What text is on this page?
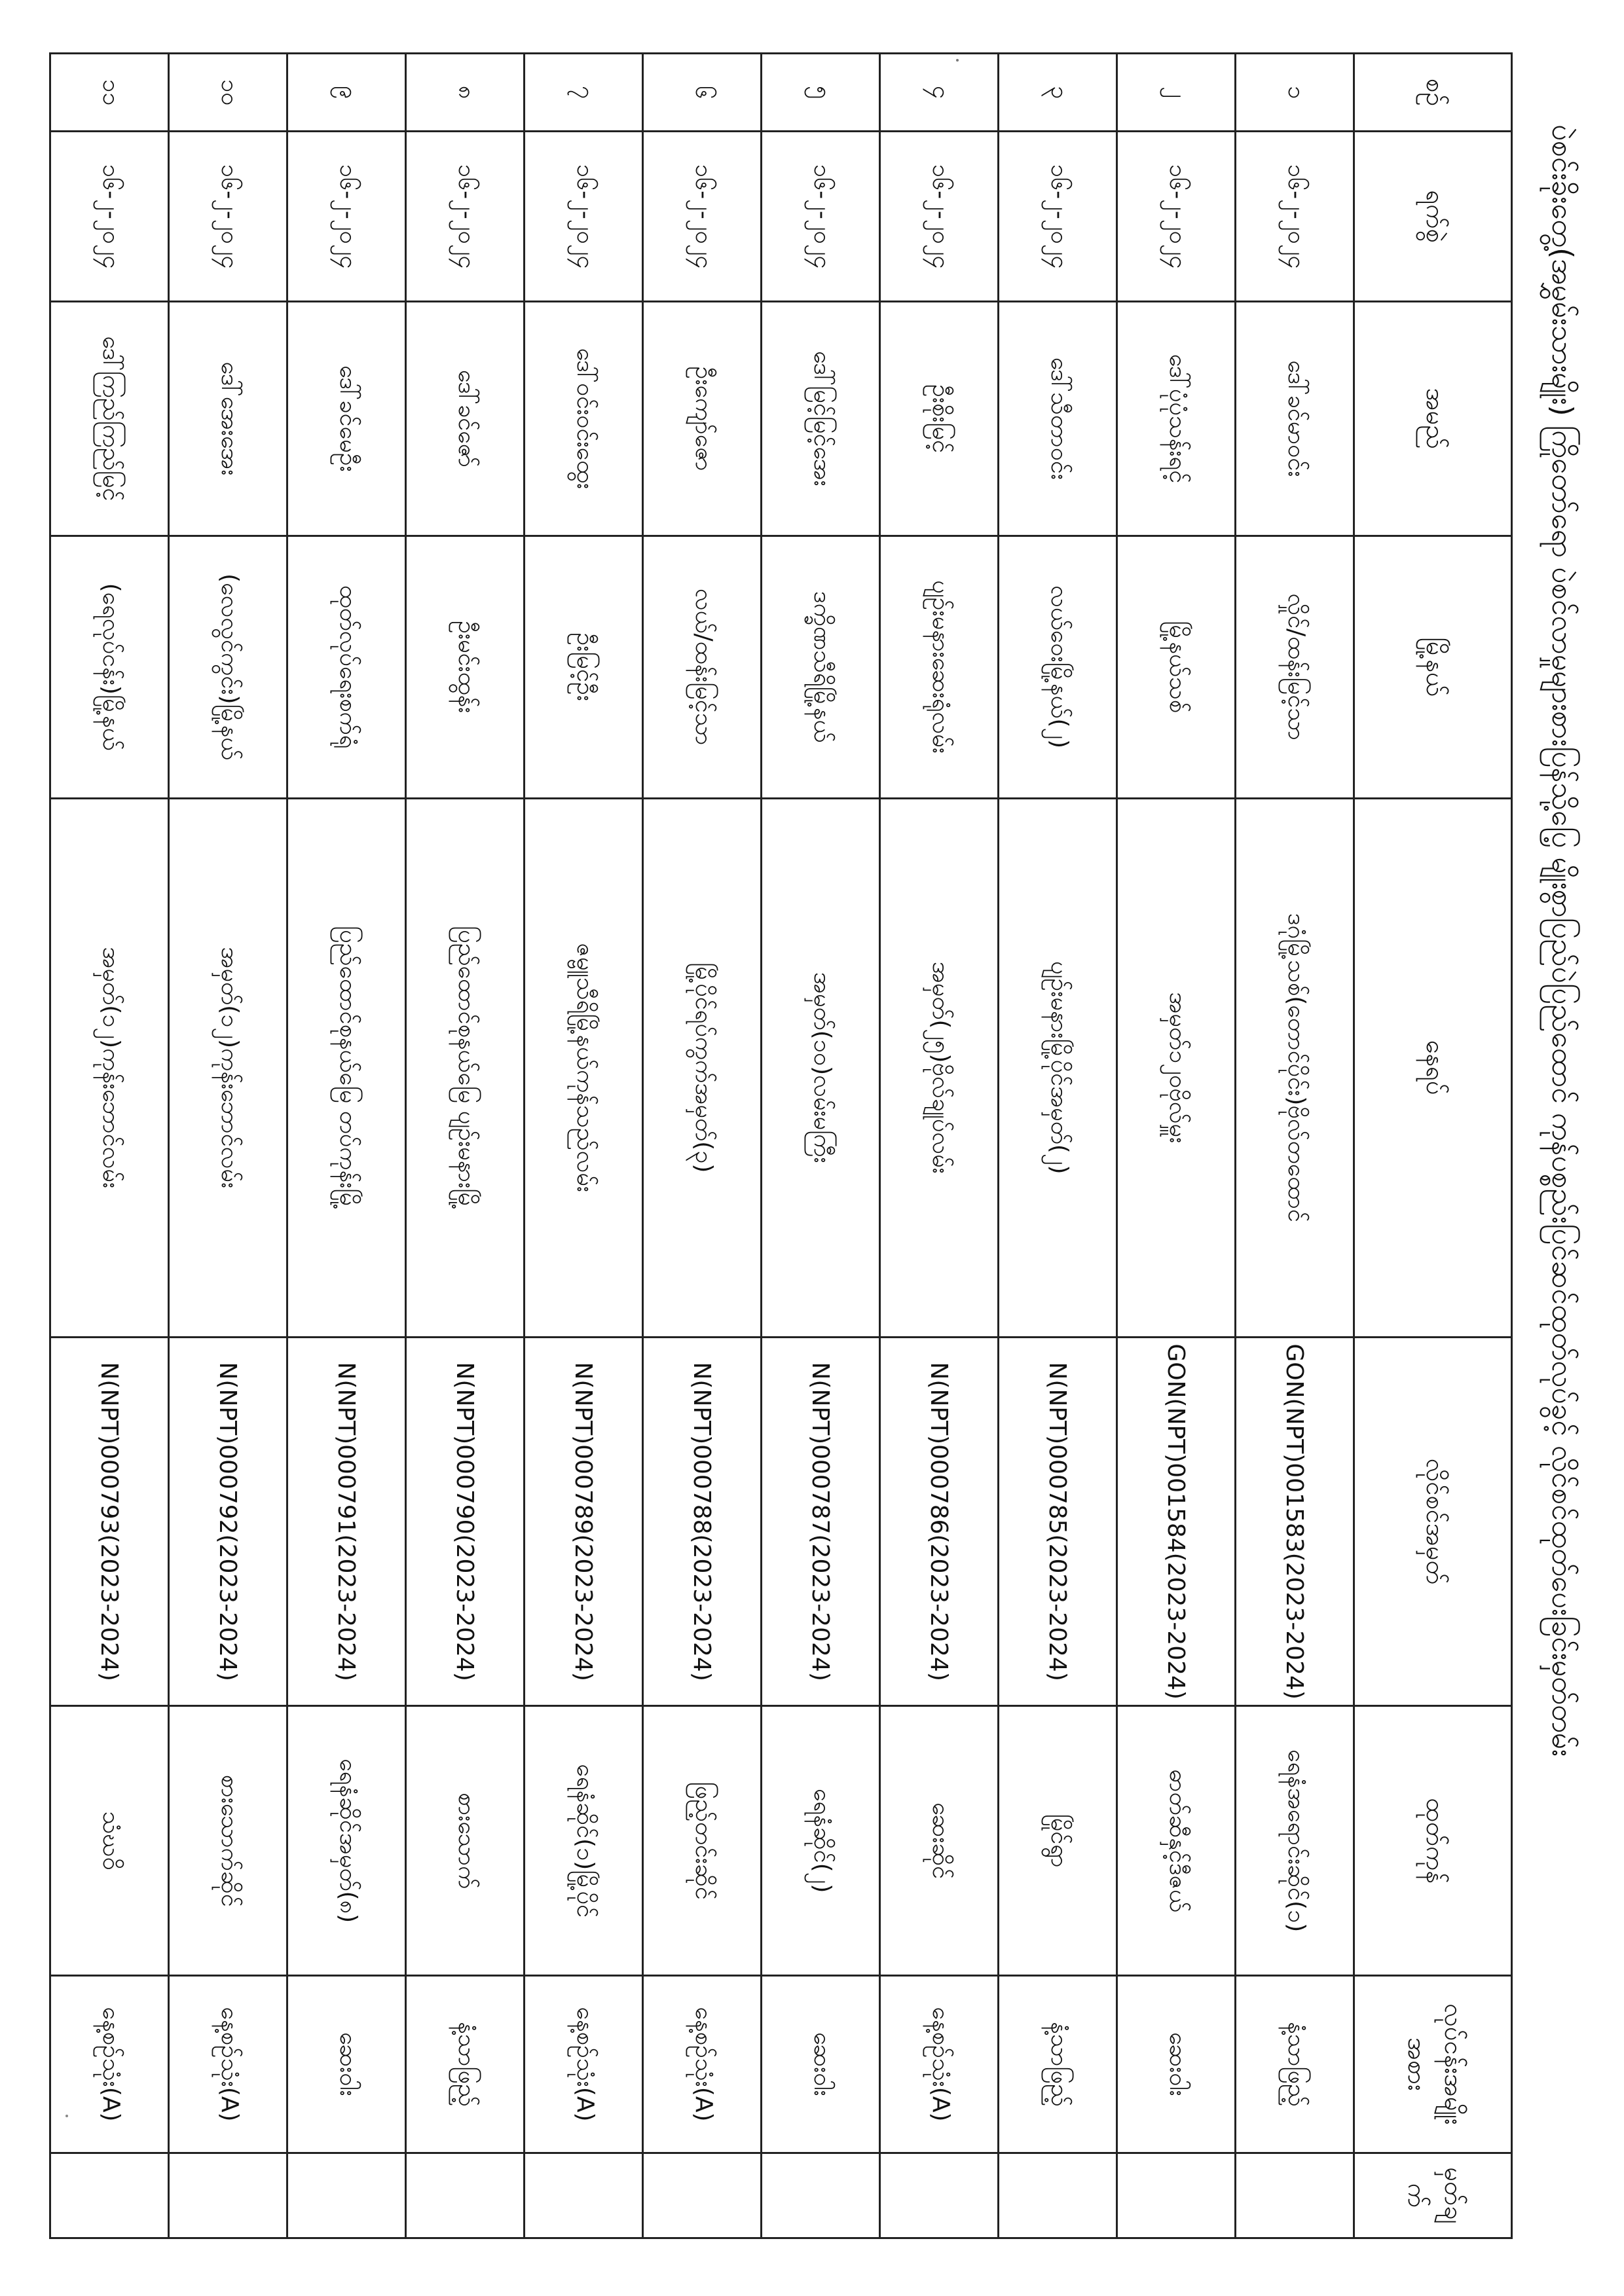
ပဲစင်းခိုးတွေ့(အမွှမ်းသားမျိုး) ကြိုတော်ရော ပဲစင်လာမှုများစားပြန်သို့ပြေ့ မျိုးစွာပြည်ပဲပြည်ထောင် ကုန်ပစ္စည်းပြင်ဆင်ထုတ်လုပ်ခွင့် လိုင်စင်ထုတ်ပေးခြင်းမှတ်တမ်း
စဉ်	ရက်စွဲ	အမည်	မြို့နယ်	နေရပ်	လိုင်စင်အမှတ်	ထုတ်ကုန်	လုပ်ငန်းအမျိုးအစား	မှတ်ချက်
၁	၁၆-၂-၂၀၂၄	ဒေါ်ခင်မာဝင်း	လှိုင်/ထန်းမြင့်သာ	ဒဂုံမြို့သစ်(တောင်ပိုင်း)ဗိုလ်တထောင်	GON(NPT)001583(2023-2024)	ရေနံအရောင်းဆိုင်(၁)	နံ့သာဖြည့်	
၂	၁၆-၂-၂၀၂၄	ဒေါ်ပုံပုံသန်းရင့်	မြို့နယ်သစ်	အမှတ်၁၂၀ဗိုလ်မှူး	GON(NPT)001584(2023-2024)	ဓာတ်ဆီနှင့်ဒီဇယ်	ဆေးဝါး	
၃	၁၆-၂-၂၀၂၄	ဒေါ်သီတာဝင်း	လယ်ဝေးမြို့နယ်(၂)	ပျဉ်းမနားမြို့ပိုင်အမှတ်(၂)	N(NPT)000785(2023-2024)	မြိုင်ရွာ	နံ့သာဖြည့်	
၄	၁၆-၂-၂၀၂၄	ဦးစိုးမြင့်	ပျဉ်းမနားဆေးရုံလမ်း	အမှတ်(၂၅)ဗိုလ်ချုပ်လမ်း	N(NPT)000786(2023-2024)	ဆေးဆိုင်	နေ့စဉ်သုံး(A)	
၅	၁၆-၂-၂၀၂၄	ဒေါ်မြင့်မြင့်အေး	ဒက္ခိဏသီရိမြို့နယ်	အမှတ်(၁၀)လမ်းမကြီး	N(NPT)000787(2023-2024)	ရေနံဆိုင်(၂)	ဆေးဝါး	
၆	၁၆-၂-၂၀၂၄	ဦးကျော်ဇော	လယ်/ထန်းမြင့်သာ	မြို့ပိုင်ရပ်ကွက်အမှတ်(၃)	N(NPT)000788(2023-2024)	ဖြည့်တင်းဆိုင်	နေ့စဉ်သုံး(A)	
၇	၁၆-၂-၂၀၂၄	ဒေါ်ဝင်းဝင်းထွေး	ဦးမြင့်ဦး	ဇမ္ဗူသီရိမြို့နယ်ကုန်သည်လမ်း	N(NPT)000789(2023-2024)	ရေနံဆိုင်(၁)မြို့ပိုင်	နေ့စဉ်သုံး(A)	
၈	၁၆-၂-၂၀၂၄	ဒေါ်ခင်ဇော်	ဦးမင်းထွန်း	ပြည်ထောင်စုနယ်မြေ ပျဉ်းမနားမြို့	N(NPT)000790(2023-2024)	စားသောက်	နံ့သာဖြည့်	
၉	၁၆-၂-၂၀၂၄	ဒေါ်ခင်မေဦး	ထုတ်လုပ်ရေးစက်ရုံ	ပြည်ထောင်စုနယ်မြေ တပ်ကုန်းမြို့	N(NPT)000791(2023-2024)	ရေနံဆိုင်အမှတ်(၈)	ဆေးဝါး	
၁၀	၁၆-၂-၂၀၂၄	ဒေါ်အေးအေး	(လေလွင်ကွင်း)မြို့နယ်	အမှတ်(၁၂)ကုန်းဘောင်လမ်း	N(NPT)000792(2023-2024)	စားသောက်ဆိုင်	နေ့စဉ်သုံး(A)	
၁၁	၁၆-၂-၂၀၂၄	ဒေါ်ကြည်ကြည်မြင့်	(ရေလုပ်ငန်း)မြို့နယ်	အမှတ်(၁၂)ကုန်းဘောင်လမ်း	N(NPT)000793(2023-2024)	သံဃဝိ	နေ့စဉ်သုံး(A)	
